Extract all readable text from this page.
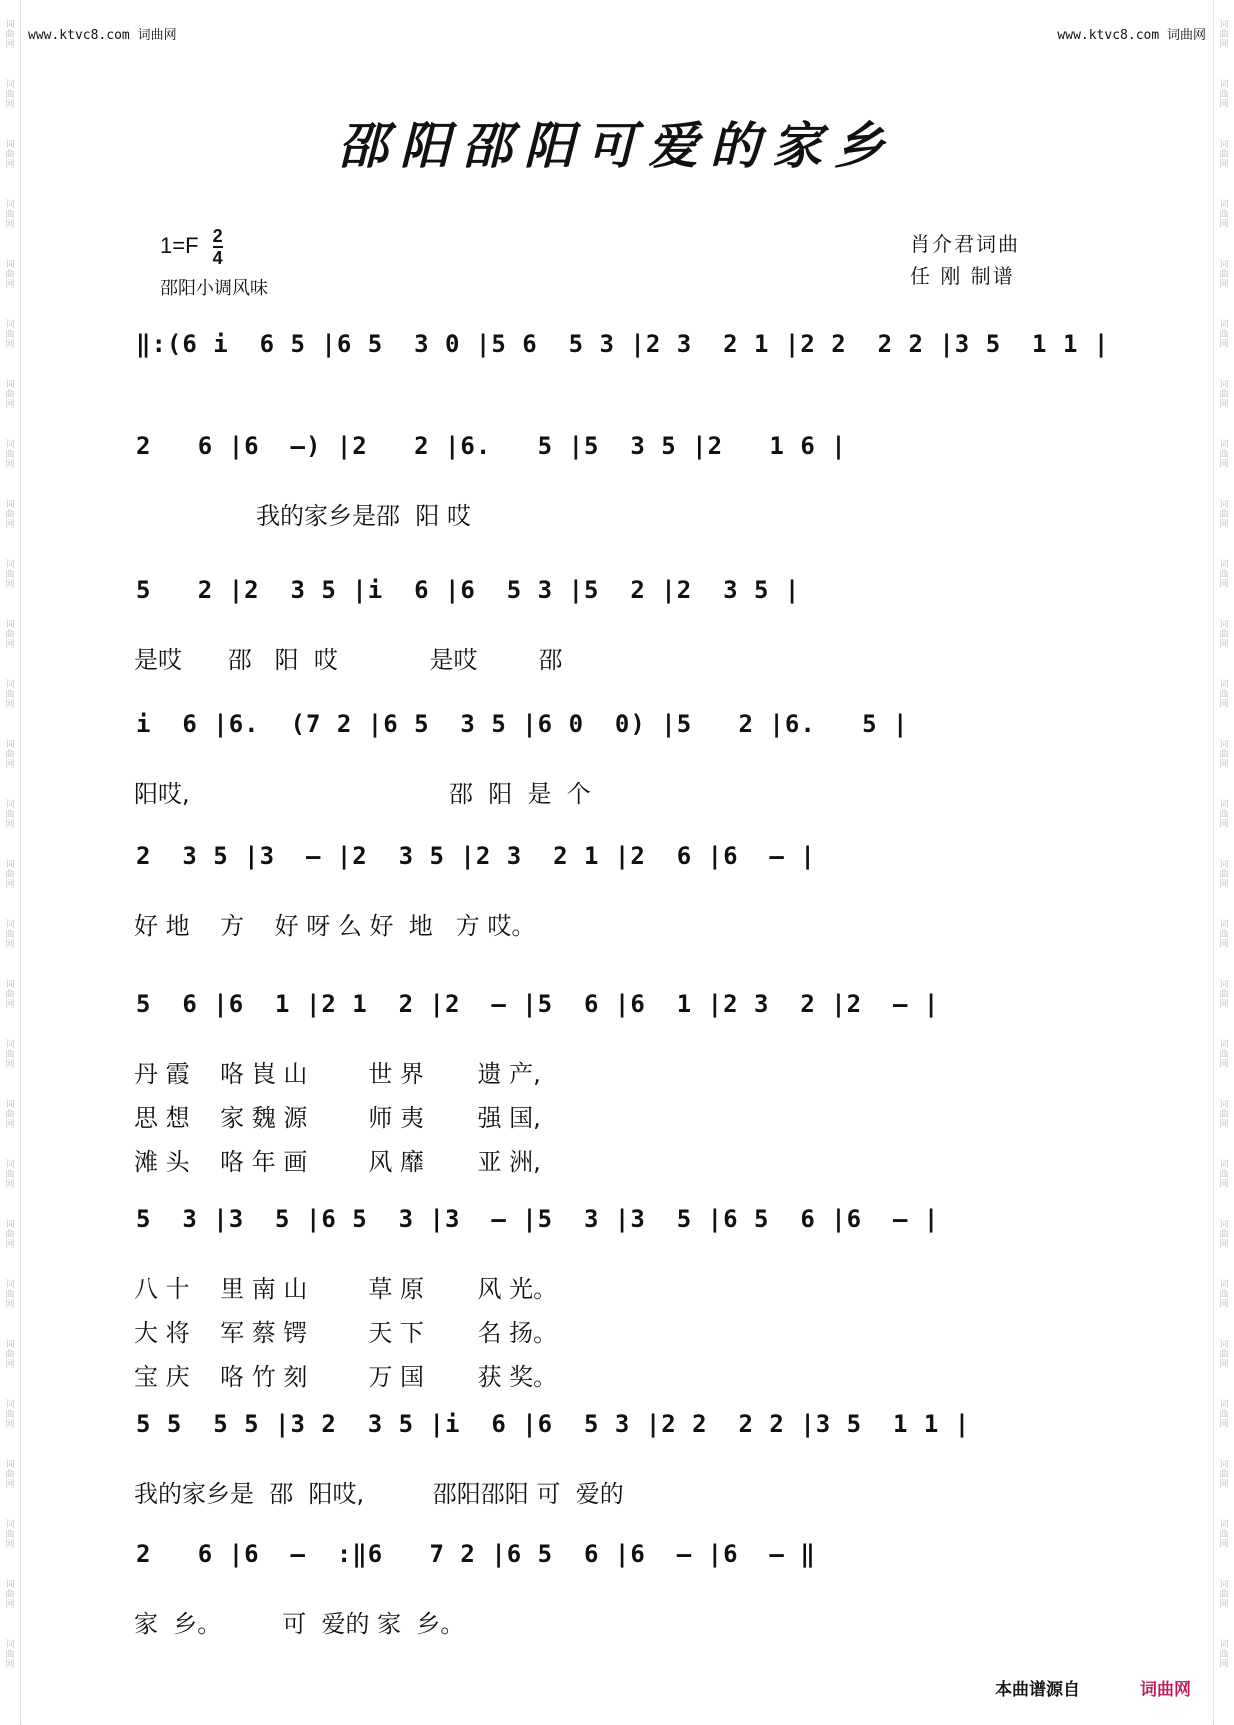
词曲网
词曲网
词曲网
词曲网
词曲网
词曲网
词曲网
词曲网
词曲网
词曲网
词曲网
词曲网
词曲网
词曲网
词曲网
词曲网
词曲网
词曲网
词曲网
词曲网
词曲网
词曲网
词曲网
词曲网
词曲网
词曲网
词曲网
词曲网
词曲网
词曲网
词曲网
词曲网
词曲网
词曲网
词曲网
词曲网
词曲网
词曲网
词曲网
词曲网
词曲网
词曲网
词曲网
词曲网
词曲网
词曲网
词曲网
词曲网
词曲网
词曲网
词曲网
词曲网
词曲网
词曲网
词曲网
词曲网
www.ktvc8.com 词曲网	www.ktvc8.com 词曲网
邵阳邵阳可爱的家乡
$1=F \frac{2}{4}$
邵阳小调风味
肖介君词曲
任 刚 制谱
‖:(6 i  6 5 |6 5  3 0 |5 6  5 3 |2 3  2 1 |2 2  2 2 |3 5  1 1 |
2   6 |6  –) |2   2 |6.   5 |5  3 5 |2   1 6 |
我的家乡是邵  阳 哎
5   2 |2  3 5 |i  6 |6  5 3 |5  2 |2  3 5 |
是哎      邵   阳  哎            是哎        邵
i  6 |6.  (7 2 |6 5  3 5 |6 0  0) |5   2 |6.   5 |
阳哎,                                  邵  阳  是  个
2  3 5 |3  – |2  3 5 |2 3  2 1 |2  6 |6  – |
好 地    方    好 呀 么 好  地   方 哎。
5  6 |6  1 |2 1  2 |2  – |5  6 |6  1 |2 3  2 |2  – |
丹 霞    咯 崀 山        世 界       遗 产,
思 想    家 魏 源        师 夷       强 国,
滩 头    咯 年 画        风 靡       亚 洲,
5  3 |3  5 |6 5  3 |3  – |5  3 |3  5 |6 5  6 |6  – |
八 十    里 南 山        草 原       风 光。
大 将    军 蔡 锷        天 下       名 扬。
宝 庆    咯 竹 刻        万 国       获 奖。
5 5  5 5 |3 2  3 5 |i  6 |6  5 3 |2 2  2 2 |3 5  1 1 |
我的家乡是  邵  阳哎,         邵阳邵阳 可  爱的
2   6 |6  –  :‖6   7 2 |6 5  6 |6  – |6  – ‖
家  乡。        可  爱的 家  乡。
本曲谱源自	词曲网
